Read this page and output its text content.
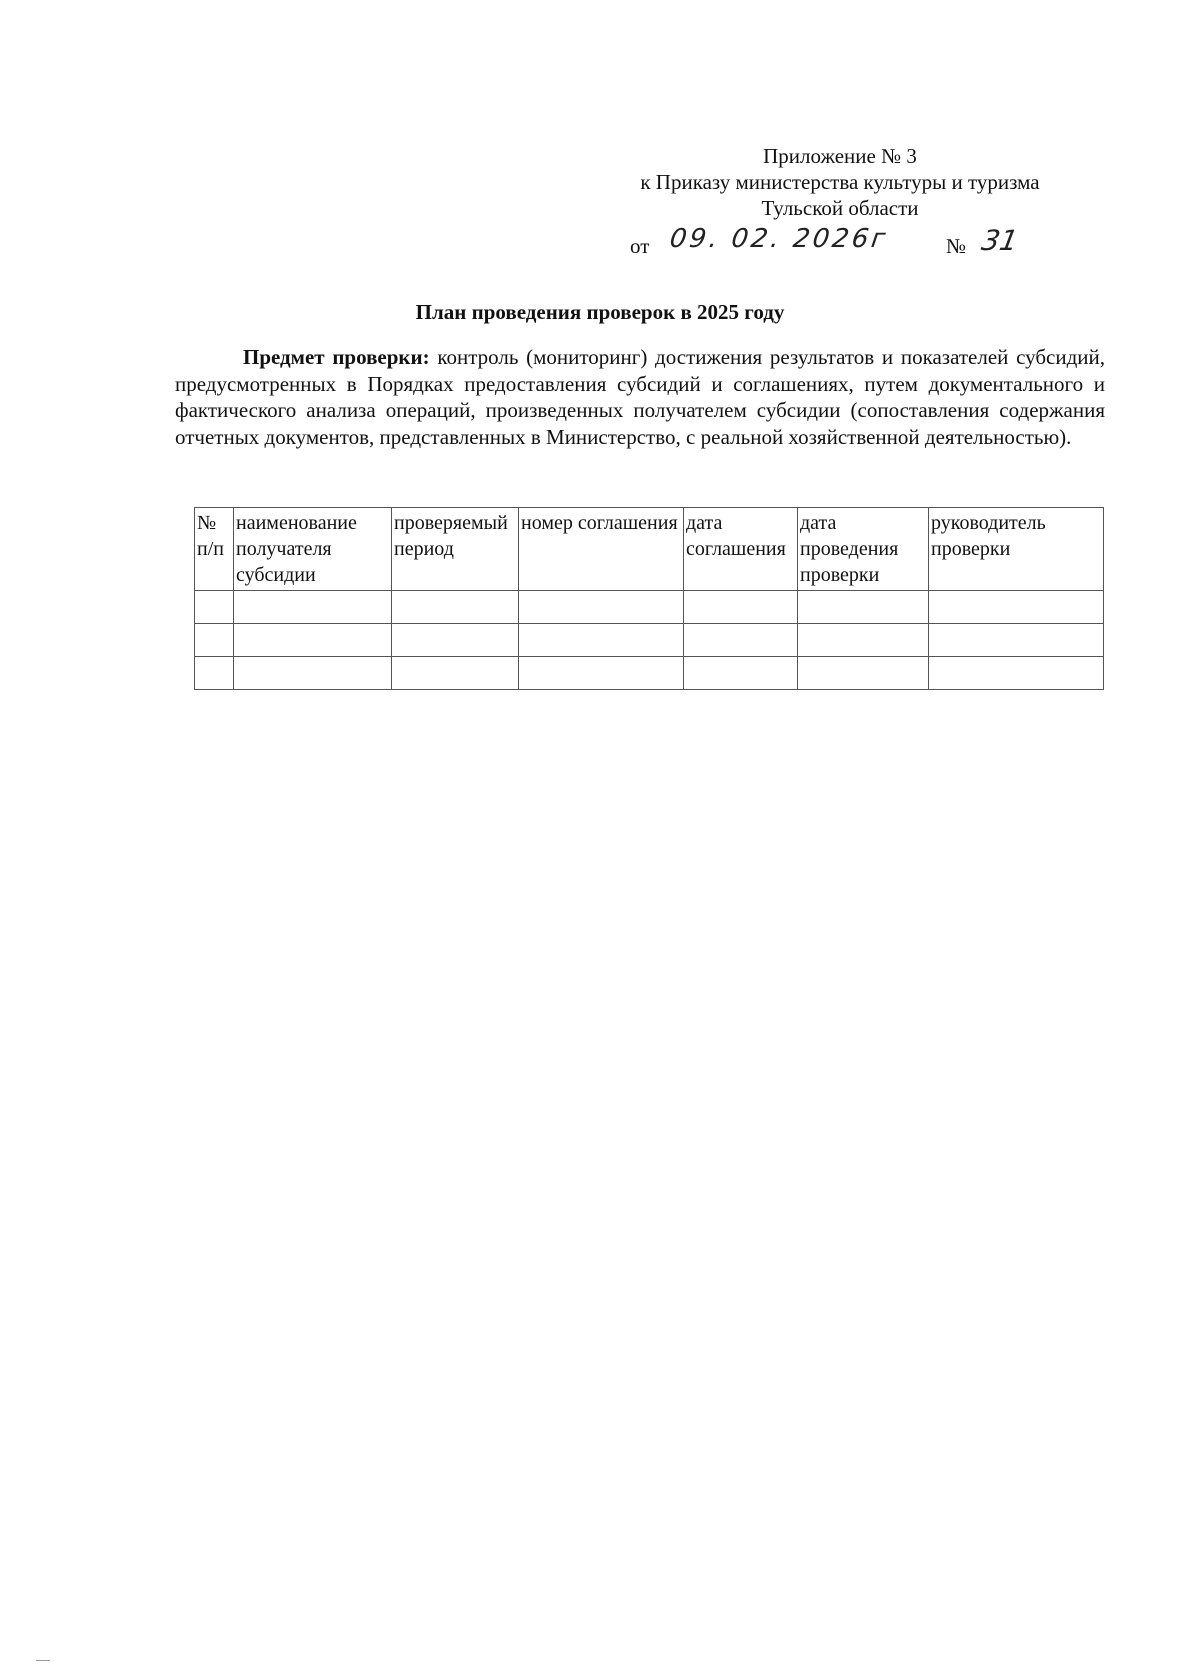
Приложение № 3
к Приказу министерства культуры и туризма
Тульской области
от 09. 02. 2026г	№ 31
План проведения проверок в 2025 году
Предмет проверки: контроль (мониторинг) достижения результатов и показателей субсидий, предусмотренных в Порядках предоставления субсидий и соглашениях, путем документального и фактического анализа операций, произведенных получателем субсидии (сопоставления содержания отчетных документов, представленных в Министерство, с реальной хозяйственной деятельностью).
№ п/п	наименование получателя субсидии	проверяемый период	номер соглашения	дата соглашения	дата проведения проверки	руководитель проверки
